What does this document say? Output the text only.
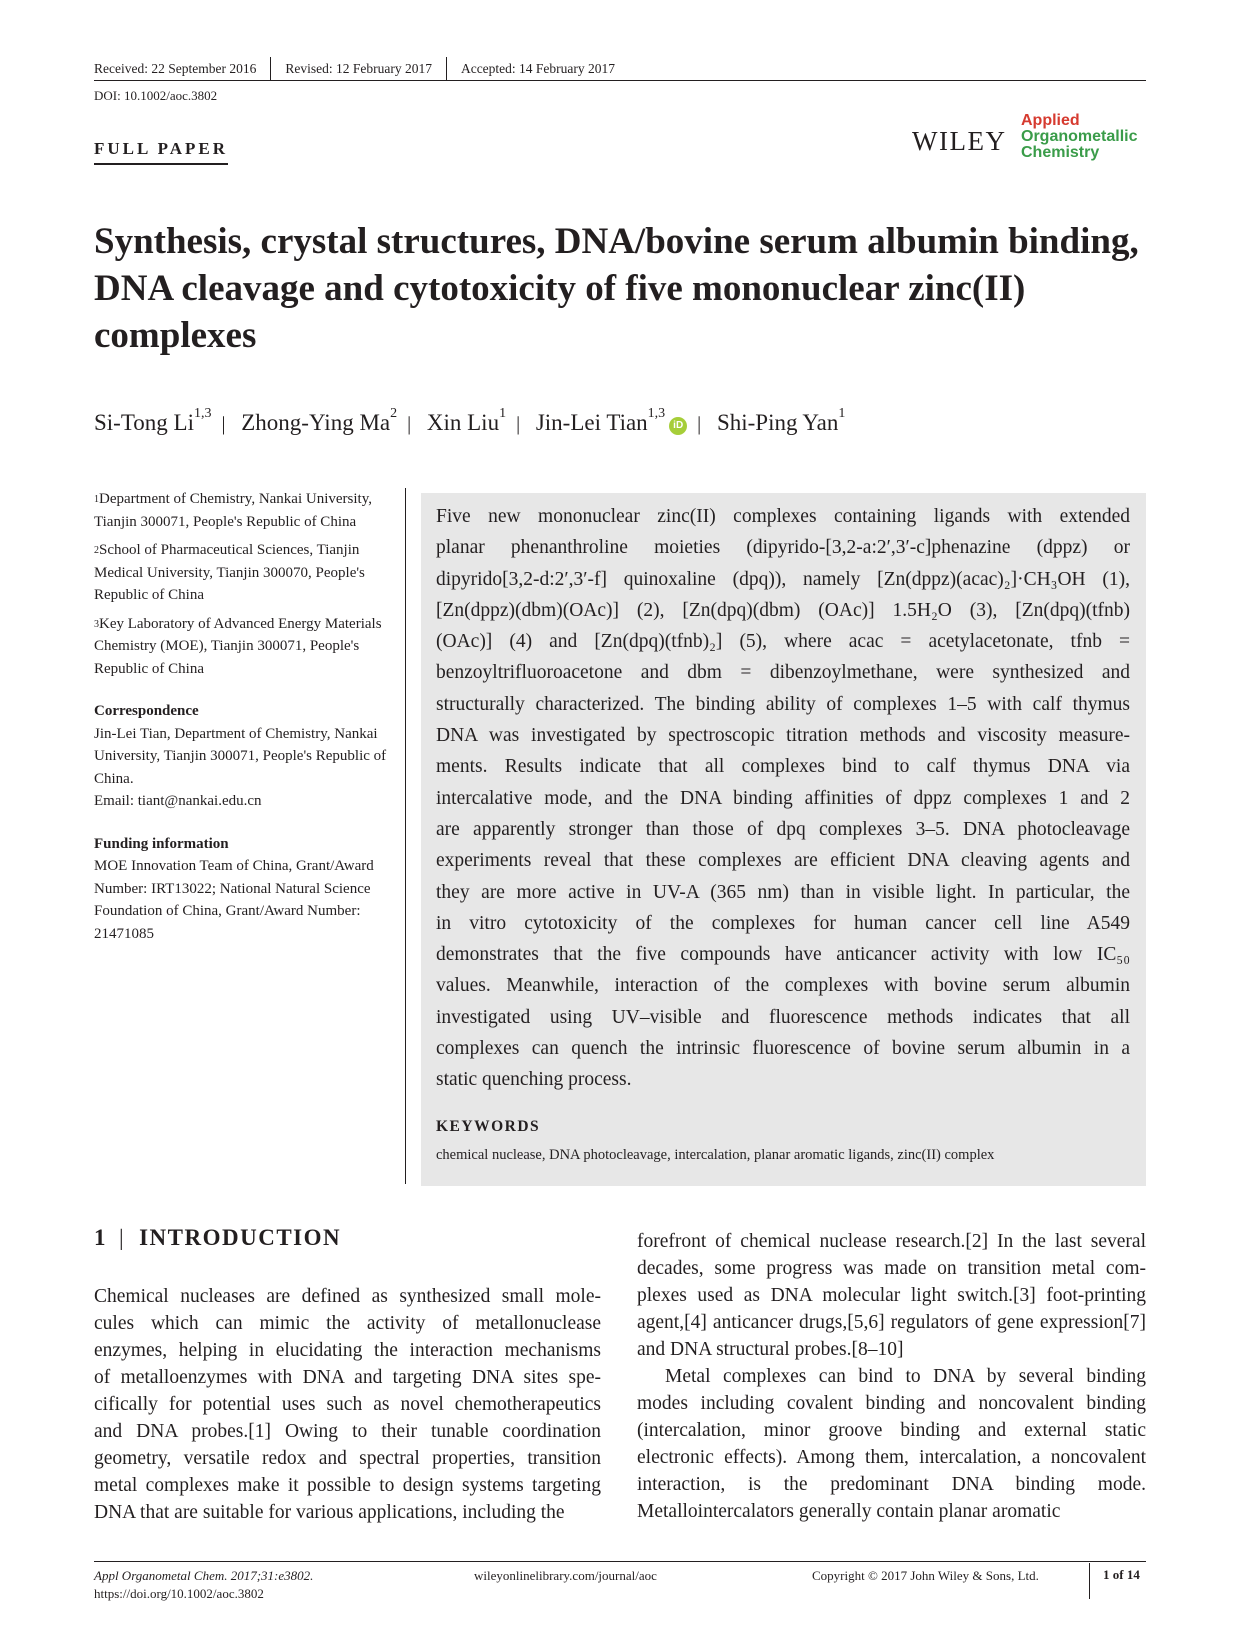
Received: 22 September 2016	Revised: 12 February 2017	Accepted: 14 February 2017
DOI: 10.1002/aoc.3802
FULL PAPER	WILEY
Applied
Organometallic
Chemistry
Synthesis, crystal structures, DNA/bovine serum albumin binding, DNA cleavage and cytotoxicity of five mononuclear zinc(II) complexes
Si-Tong Li$^{1,3}$ | Zhong-Ying Ma$^2$ | Xin Liu$^1$ | Jin-Lei Tian$^{1,3}$iD | Shi-Ping Yan$^1$

$^1$Department of Chemistry, Nankai University, Tianjin 300071, People's Republic of China

$^2$School of Pharmaceutical Sciences, Tianjin Medical University, Tianjin 300070, People's Republic of China

$^3$Key Laboratory of Advanced Energy Materials Chemistry (MOE), Tianjin 300071, People's Republic of China

Correspondence
Jin-Lei Tian, Department of Chemistry, Nankai University, Tianjin 300071, People's Republic of China.
Email: tiant@nankai.edu.cn
Funding information
MOE Innovation Team of China, Grant/Award Number: IRT13022; National Natural Science Foundation of China, Grant/Award Number: 21471085
Five new mononuclear zinc(II) complexes containing ligands with extended
planar phenanthroline moieties (dipyrido-[3,2-a:2′,3′-c]phenazine (dppz) or
dipyrido[3,2-d:2′,3′-f] quinoxaline (dpq)), namely [Zn(dppz)(acac)₂]·CH₃OH (1),
[Zn(dppz)(dbm)(OAc)] (2), [Zn(dpq)(dbm) (OAc)] 1.5H₂O (3), [Zn(dpq)(tfnb)
(OAc)] (4) and [Zn(dpq)(tfnb)₂] (5), where acac = acetylacetonate, tfnb =
benzoyltrifluoroacetone and dbm = dibenzoylmethane, were synthesized and
structurally characterized. The binding ability of complexes 1–5 with calf thymus
DNA was investigated by spectroscopic titration methods and viscosity measure-
ments. Results indicate that all complexes bind to calf thymus DNA via
intercalative mode, and the DNA binding affinities of dppz complexes 1 and 2
are apparently stronger than those of dpq complexes 3–5. DNA photocleavage
experiments reveal that these complexes are efficient DNA cleaving agents and
they are more active in UV-A (365 nm) than in visible light. In particular, the
in vitro cytotoxicity of the complexes for human cancer cell line A549
demonstrates that the five compounds have anticancer activity with low IC₅₀
values. Meanwhile, interaction of the complexes with bovine serum albumin
investigated using UV–visible and fluorescence methods indicates that all
complexes can quench the intrinsic fluorescence of bovine serum albumin in a
static quenching process.
KEYWORDS
chemical nuclease, DNA photocleavage, intercalation, planar aromatic ligands, zinc(II) complex
1 | INTRODUCTION
Chemical nucleases are defined as synthesized small mole-
cules which can mimic the activity of metallonuclease
enzymes, helping in elucidating the interaction mechanisms
of metalloenzymes with DNA and targeting DNA sites spe-
cifically for potential uses such as novel chemotherapeutics
and DNA probes.[1] Owing to their tunable coordination
geometry, versatile redox and spectral properties, transition
metal complexes make it possible to design systems targeting
DNA that are suitable for various applications, including the
forefront of chemical nuclease research.[2] In the last several
decades, some progress was made on transition metal com-
plexes used as DNA molecular light switch.[3] foot-printing
agent,[4] anticancer drugs,[5,6] regulators of gene expression[7]
and DNA structural probes.[8–10]
Metal complexes can bind to DNA by several binding
modes including covalent binding and noncovalent binding
(intercalation, minor groove binding and external static
electronic effects). Among them, intercalation, a noncovalent
interaction, is the predominant DNA binding mode.
Metallointercalators generally contain planar aromatic
Appl Organometal Chem. 2017;31:e3802.
https://doi.org/10.1002/aoc.3802
wileyonlinelibrary.com/journal/aoc	Copyright © 2017 John Wiley & Sons, Ltd.	1 of 14
